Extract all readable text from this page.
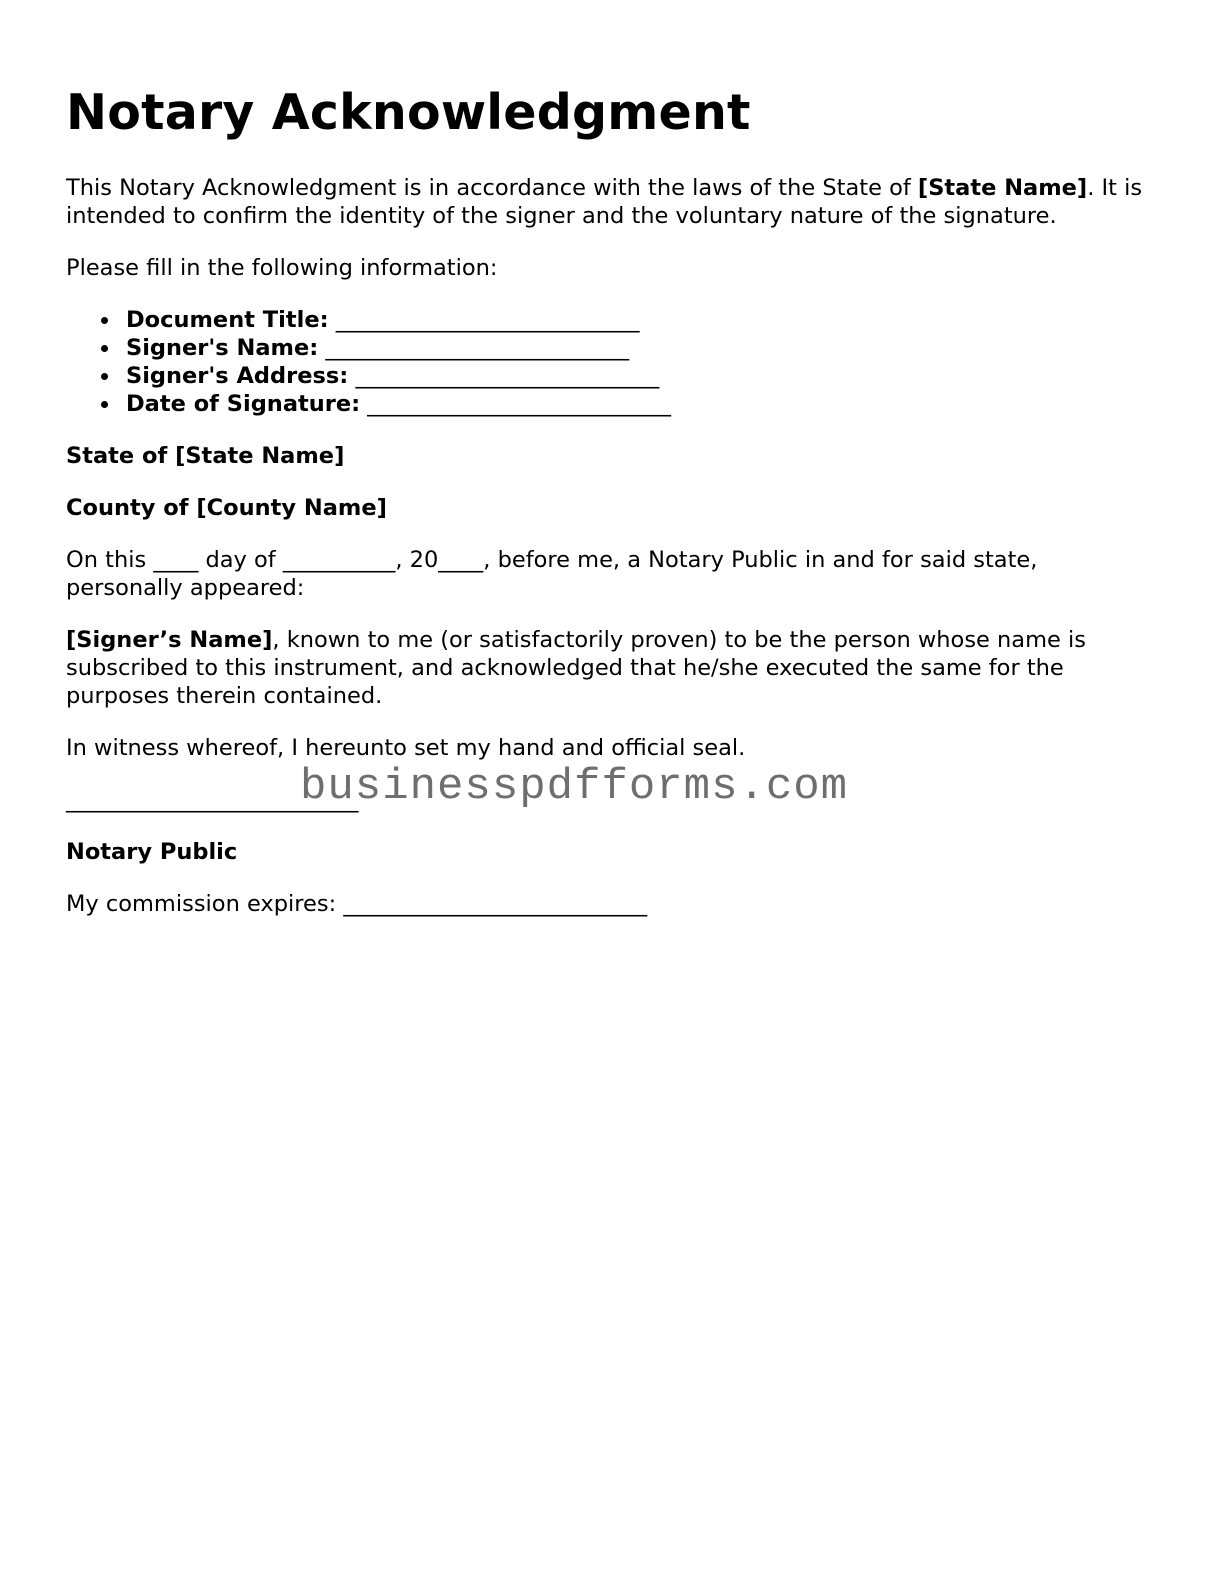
Notary Acknowledgment

This Notary Acknowledgment is in accordance with the laws of the State of [State Name]. It is intended to confirm the identity of the signer and the voluntary nature of the signature.

Please fill in the following information:

Document Title: ___________________________
Signer's Name: ___________________________
Signer's Address: ___________________________
Date of Signature: ___________________________

State of [State Name]

County of [County Name]

On this ____ day of __________, 20____, before me, a Notary Public in and for said state, personally appeared:

[Signer’s Name], known to me (or satisfactorily proven) to be the person whose name is subscribed to this instrument, and acknowledged that he/she executed the same for the purposes therein contained.

In witness whereof, I hereunto set my hand and official seal.

__________________________

Notary Public

My commission expires: ___________________________

businesspdfforms.com
